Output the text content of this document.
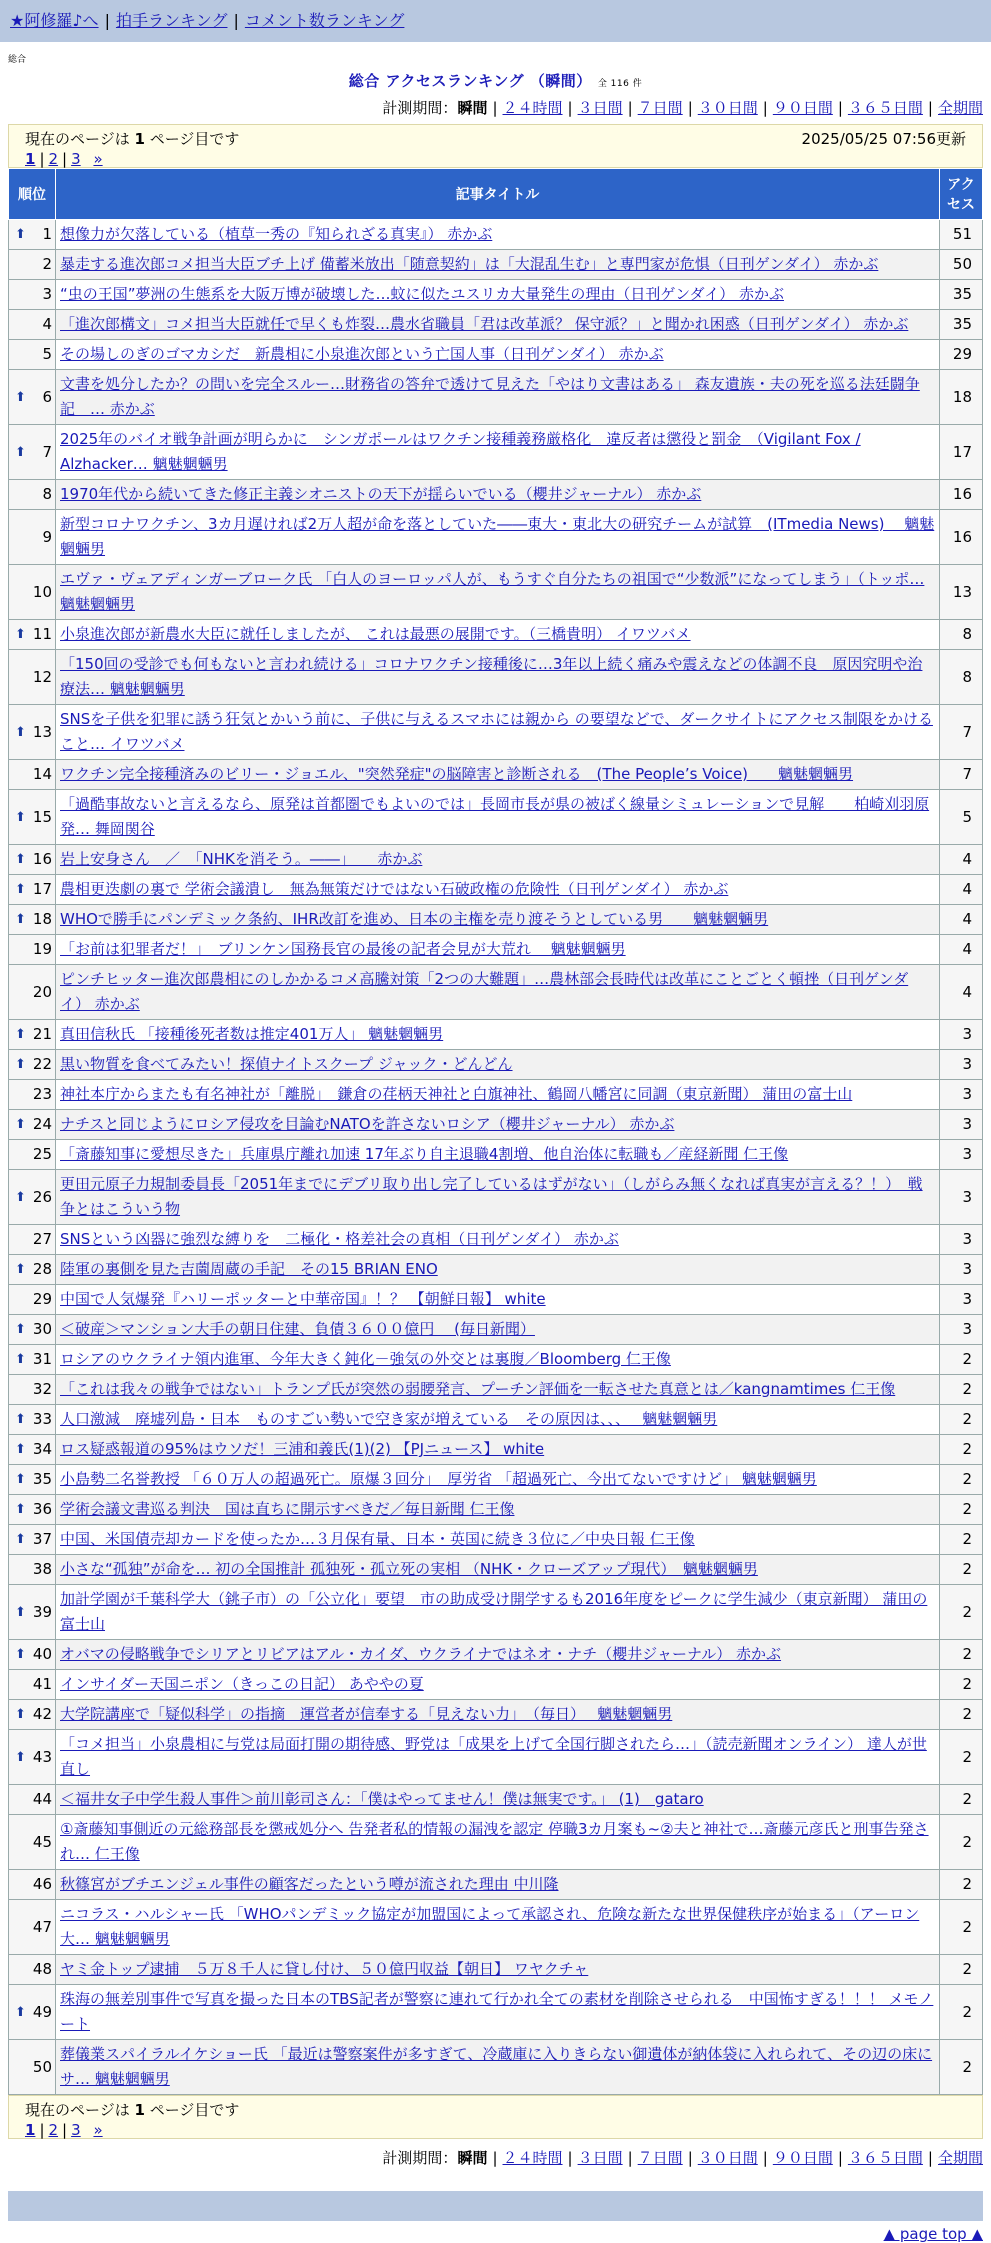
★阿修羅♪へ | 拍手ランキング | コメント数ランキング
総合
総合 アクセスランキング （瞬間） 全 116 件
計測期間：瞬間 | ２４時間 | ３日間 | ７日間 | ３０日間 | ９０日間 | ３６５日間 | 全期間
現在のページは 1 ページ目です	2025/05/25 07:56更新
1 | 2 | 3 »
順位	記事タイトル	アクセス

⬆ 1	想像力が欠落している（植草一秀の『知られざる真実』） 赤かぶ	51
2	暴走する進次郎コメ担当大臣ブチ上げ 備蓄米放出「随意契約」は「大混乱生む」と専門家が危惧（日刊ゲンダイ） 赤かぶ	50
3	“虫の王国”夢洲の生態系を大阪万博が破壊した…蚊に似たユスリカ大量発生の理由（日刊ゲンダイ） 赤かぶ	35
4	「進次郎構文」コメ担当大臣就任で早くも炸裂…農水省職員「君は改革派？ 保守派？」と聞かれ困惑（日刊ゲンダイ） 赤かぶ	35
5	その場しのぎのゴマカシだ　新農相に小泉進次郎という亡国人事（日刊ゲンダイ） 赤かぶ	29

⬆ 6	文書を処分したか？の問いを完全スルー…財務省の答弁で透けて見えた「やはり文書はある」 森友遺族・夫の死を巡る法廷闘争記　… 赤かぶ	18

⬆ 7	2025年のバイオ戦争計画が明らかに　シンガポールはワクチン接種義務厳格化　違反者は懲役と罰金　（Vigilant Fox / Alzhacker… 魑魅魍魎男	17
8	1970年代から続いてきた修正主義シオニストの天下が揺らいでいる（櫻井ジャーナル） 赤かぶ	16
9	新型コロナワクチン、3カ月遅ければ2万人超が命を落としていた――東大・東北大の研究チームが試算　(ITmedia News)　 魑魅魍魎男	16
10	エヴァ・ヴェアディンガーブローク氏 「白人のヨーロッパ人が、もうすぐ自分たちの祖国で“少数派”になってしまう」（トッポ… 魑魅魍魎男	13

⬆ 11	小泉進次郎が新農水大臣に就任しましたが、 これは最悪の展開です。（三橋貴明） イワツバメ	8
12	「150回の受診でも何もないと言われ続ける」コロナワクチン接種後に…3年以上続く痛みや震えなどの体調不良　原因究明や治療法… 魑魅魍魎男	8

⬆ 13	SNSを子供を犯罪に誘う狂気とかいう前に、子供に与えるスマホには親から の要望などで、ダークサイトにアクセス制限をかけること… イワツバメ	7
14	ワクチン完全接種済みのビリー・ジョエル、"突然発症"の脳障害と診断される　(The People’s Voice)　　魑魅魍魎男	7

⬆ 15	「過酷事故ないと言えるなら、原発は首都圏でもよいのでは」長岡市長が県の被ばく線量シミュレーションで見解　　柏崎刈羽原発… 舞岡関谷	5

⬆ 16	岩上安身さん　／　「NHKを消そう。――」　　赤かぶ	4

⬆ 17	農相更迭劇の裏で 学術会議潰し　無為無策だけではない石破政権の危険性（日刊ゲンダイ） 赤かぶ	4

⬆ 18	WHOで勝手にパンデミック条約、IHR改訂を進め、日本の主権を売り渡そうとしている男　　魑魅魍魎男	4
19	「お前は犯罪者だ！」　ブリンケン国務長官の最後の記者会見が大荒れ　 魑魅魍魎男	4
20	ピンチヒッター進次郎農相にのしかかるコメ高騰対策「2つの大難題」…農林部会長時代は改革にことごとく頓挫（日刊ゲンダイ） 赤かぶ	4

⬆ 21	真田信秋氏 「接種後死者数は推定401万人」 魑魅魍魎男	3

⬆ 22	黒い物質を食べてみたい！探偵ナイトスクープ ジャック・どんどん	3
23	神社本庁からまたも有名神社が「離脱」　鎌倉の荏柄天神社と白旗神社、鶴岡八幡宮に同調（東京新聞） 蒲田の富士山	3

⬆ 24	ナチスと同じようにロシア侵攻を目論むNATOを許さないロシア（櫻井ジャーナル） 赤かぶ	3
25	「斎藤知事に愛想尽きた」兵庫県庁離れ加速 17年ぶり自主退職4割増、他自治体に転職も／産経新聞 仁王像	3

⬆ 26	更田元原子力規制委員長「2051年までにデブリ取り出し完了しているはずがない」（しがらみ無くなれば真実が言える？！）　戦争とはこういう物	3
27	SNSという凶器に強烈な縛りを　二極化・格差社会の真相（日刊ゲンダイ） 赤かぶ	3

⬆ 28	陸軍の裏側を見た吉薗周蔵の手記　その15 BRIAN ENO	3
29	中国で人気爆発『ハリーポッターと中華帝国』！？ 【朝鮮日報】 white	3

⬆ 30	＜破産＞マンション大手の朝日住建、負債３６００億円 　(毎日新聞）	3

⬆ 31	ロシアのウクライナ領内進軍、今年大きく鈍化－強気の外交とは裏腹／Bloomberg 仁王像	2
32	「これは我々の戦争ではない」トランプ氏が突然の弱腰発言、プーチン評価を一転させた真意とは／kangnamtimes 仁王像	2

⬆ 33	人口激減　廃墟列島・日本　ものすごい勢いで空き家が増えている　その原因は、、、　 魑魅魍魎男	2

⬆ 34	ロス疑惑報道の95%はウソだ！三浦和義氏(1)(2) 【PJニュース】 white	2

⬆ 35	小島勢二名誉教授 「６０万人の超過死亡。原爆３回分」　厚労省 「超過死亡、今出てないですけど」 魑魅魍魎男	2

⬆ 36	学術会議文書巡る判決　国は直ちに開示すべきだ／毎日新聞 仁王像	2

⬆ 37	中国、米国債売却カードを使ったか…３月保有量、日本・英国に続き３位に／中央日報 仁王像	2
38	小さな“孤独”が命を… 初の全国推計 孤独死・孤立死の実相 （NHK・クローズアップ現代）　魑魅魍魎男	2

⬆ 39	加計学園が千葉科学大（銚子市）の「公立化」要望　市の助成受け開学するも2016年度をピークに学生減少（東京新聞） 蒲田の富士山	2

⬆ 40	オバマの侵略戦争でシリアとリビアはアル・カイダ、ウクライナではネオ・ナチ（櫻井ジャーナル） 赤かぶ	2
41	インサイダー天国ニポン（きっこの日記） あややの夏	2

⬆ 42	大学院講座で「疑似科学」の指摘　運営者が信奉する「見えない力」　（毎日）　 魑魅魍魎男	2

⬆ 43	「コメ担当」小泉農相に与党は局面打開の期待感、野党は「成果を上げて全国行脚されたら…」（読売新聞オンライン） 達人が世直し	2
44	＜福井女子中学生殺人事件＞前川彰司さん：「僕はやってません！僕は無実です。」 (1)　gataro	2
45	①斎藤知事側近の元総務部長を懲戒処分へ 告発者私的情報の漏洩を認定 停職3カ月案も~②夫と神社で…斎藤元彦氏と刑事告発され… 仁王像	2
46	秋篠宮がブチエンジェル事件の顧客だったという噂が流された理由 中川隆	2
47	ニコラス・ハルシャー氏 「WHOパンデミック協定が加盟国によって承認され、危険な新たな世界保健秩序が始まる」（アーロン大… 魑魅魍魎男	2
48	ヤミ金トップ逮捕　５万８千人に貸し付け、５０億円収益【朝日】 ワヤクチャ	2

⬆ 49	珠海の無差別事件で写真を撮った日本のTBS記者が警察に連れて行かれ全ての素材を削除させられる　中国怖すぎる！！！ メモノート	2
50	葬儀業スパイラルイケショー氏 「最近は警察案件が多すぎて、冷蔵庫に入りきらない御遺体が納体袋に入れられて、その辺の床にサ… 魑魅魍魎男	2
現在のページは 1 ページ目です
1 | 2 | 3 »
計測期間：瞬間 | ２４時間 | ３日間 | ７日間 | ３０日間 | ９０日間 | ３６５日間 | 全期間
▲ page top ▲
